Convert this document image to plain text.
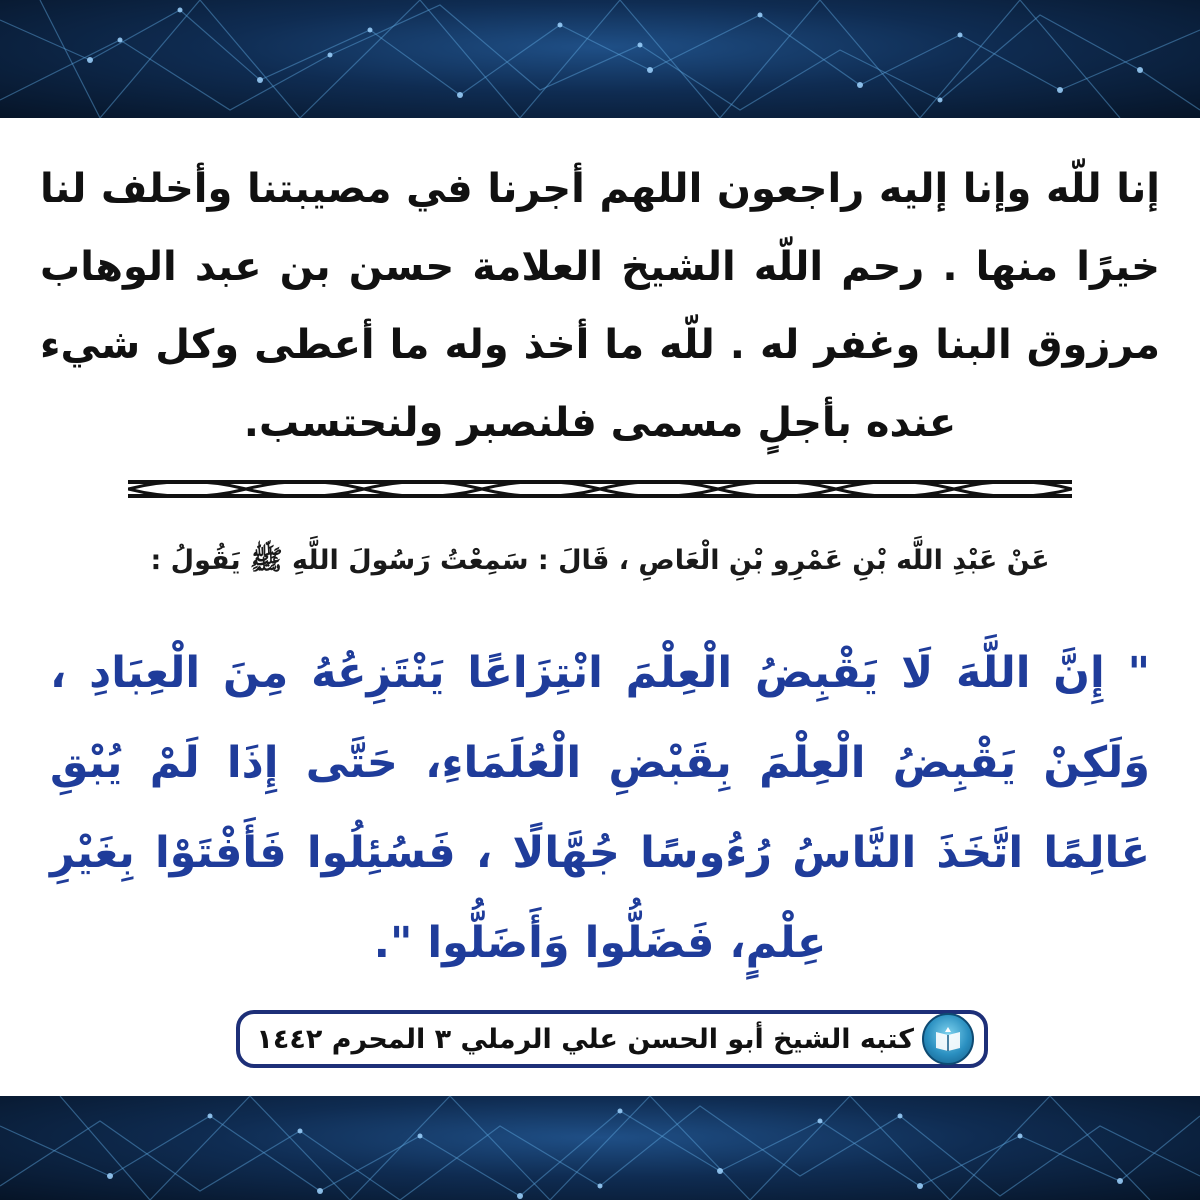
إنا للّه وإنا إليه راجعون اللهم أجرنا في مصيبتنا وأخلف لنا خيرًا منها . رحم اللّه الشيخ العلامة حسن بن عبد الوهاب مرزوق البنا وغفر له . للّه ما أخذ وله ما أعطى وكل شيء عنده بأجلٍ مسمى فلنصبر ولنحتسب.
عَنْ عَبْدِ اللَّه بْنِ عَمْرِو بْنِ الْعَاصِ ، قَالَ : سَمِعْتُ رَسُولَ اللَّهِ ﷺ يَقُولُ :
" إِنَّ اللَّهَ لَا يَقْبِضُ الْعِلْمَ انْتِزَاعًا يَنْتَزِعُهُ مِنَ الْعِبَادِ ، وَلَكِنْ يَقْبِضُ الْعِلْمَ بِقَبْضِ الْعُلَمَاءِ، حَتَّى إِذَا لَمْ يُبْقِ عَالِمًا اتَّخَذَ النَّاسُ رُءُوسًا جُهَّالًا ، فَسُئِلُوا فَأَفْتَوْا بِغَيْرِ عِلْمٍ، فَضَلُّوا وَأَضَلُّوا ".
كتبه الشيخ أبو الحسن علي الرملي ٣ المحرم ١٤٤٢
